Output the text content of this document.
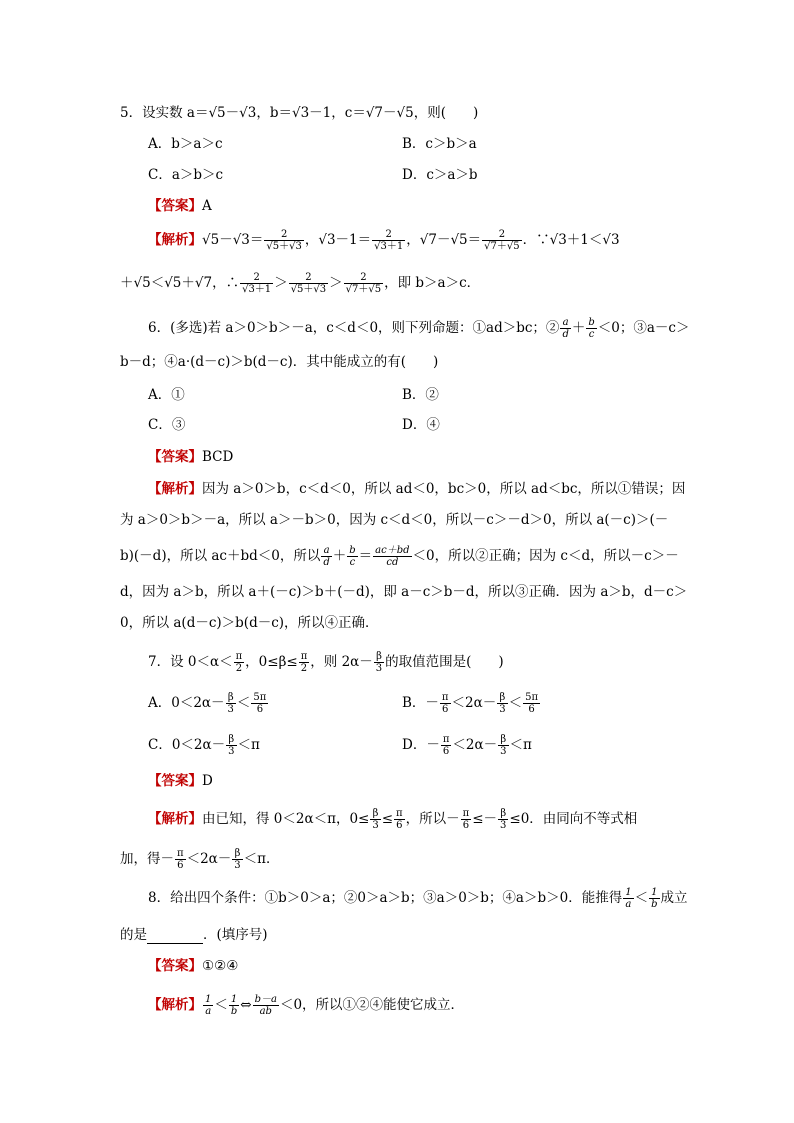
5．设实数 a＝√5－√3，b＝√3－1，c＝√7－√5，则(　　)
A．b＞a＞c	B．c＞b＞a
C．a＞b＞c	D．c＞a＞b
【答案】A
【解析】$√5-√3= \frac{2}{√5+√3}$ ，$√3-1= \frac{2}{√3+1}$ ，$√7-√5= \frac{2}{√7+√5}$ ．∵√3＋1＜√3
＋√5＜√5＋√7，∴ $\frac{2}{√3+1} > \frac{2}{√5+√3} > \frac{2}{√7+√5}$ ，即 b＞a＞c．
6．(多选)若 a＞0＞b＞－a，c＜d＜0，则下列命题：①ad＞bc；② $\frac{a}{d} + \frac{b}{c} <0$；③a－c＞
b－d；④a·(d－c)＞b(d－c)．其中能成立的有(　　)
A．①	B．②
C．③	D．④
【答案】BCD
【解析】因为 a＞0＞b，c＜d＜0，所以 ad＜0，bc＞0，所以 ad＜bc，所以①错误；因
为 a＞0＞b＞－a，所以 a＞－b＞0，因为 c＜d＜0，所以－c＞－d＞0，所以 a(－c)＞(－
b)(－d)，所以 ac＋bd＜0，所以 $\frac{a}{d} + \frac{b}{c} = \frac{ac+bd}{cd} <0$，所以②正确；因为 c＜d，所以－c＞－
d，因为 a＞b，所以 a＋(－c)＞b＋(－d)，即 a－c＞b－d，所以③正确．因为 a＞b，d－c＞
0，所以 a(d－c)＞b(d－c)，所以④正确．
7．设 $0<\alpha< \frac{\pi}{2}$ ，$0\le\beta\le \frac{\pi}{2}$ ，则 $2\alpha- \frac{\beta}{3}$ 的取值范围是(　　)
A．$0<2\alpha- \frac{\beta}{3} < \frac{5\pi}{6}$	B．－ $\frac{\pi}{6} <2\alpha- \frac{\beta}{3} < \frac{5\pi}{6}$
C．$0<2\alpha- \frac{\beta}{3} <\pi$	D．－ $\frac{\pi}{6} <2\alpha- \frac{\beta}{3} <\pi$
【答案】D
【解析】由已知，得 0＜2α＜π，$0\le \frac{\beta}{3} \le \frac{\pi}{6}$ ，所以－ $\frac{\pi}{6} \le- \frac{\beta}{3} \le 0$．由同向不等式相
加，得－ $\frac{\pi}{6} <2\alpha- \frac{\beta}{3} <\pi$．
8．给出四个条件：①b＞0＞a；②0＞a＞b；③a＞0＞b；④a＞b＞0．能推得 $\frac{1}{a} < \frac{1}{b}$ 成立
的是	．(填序号)
【答案】①②④
【解析】 $\frac{1}{a} < \frac{1}{b}$ ⇔ $\frac{b-a}{ab} <0$，所以①②④能使它成立．
